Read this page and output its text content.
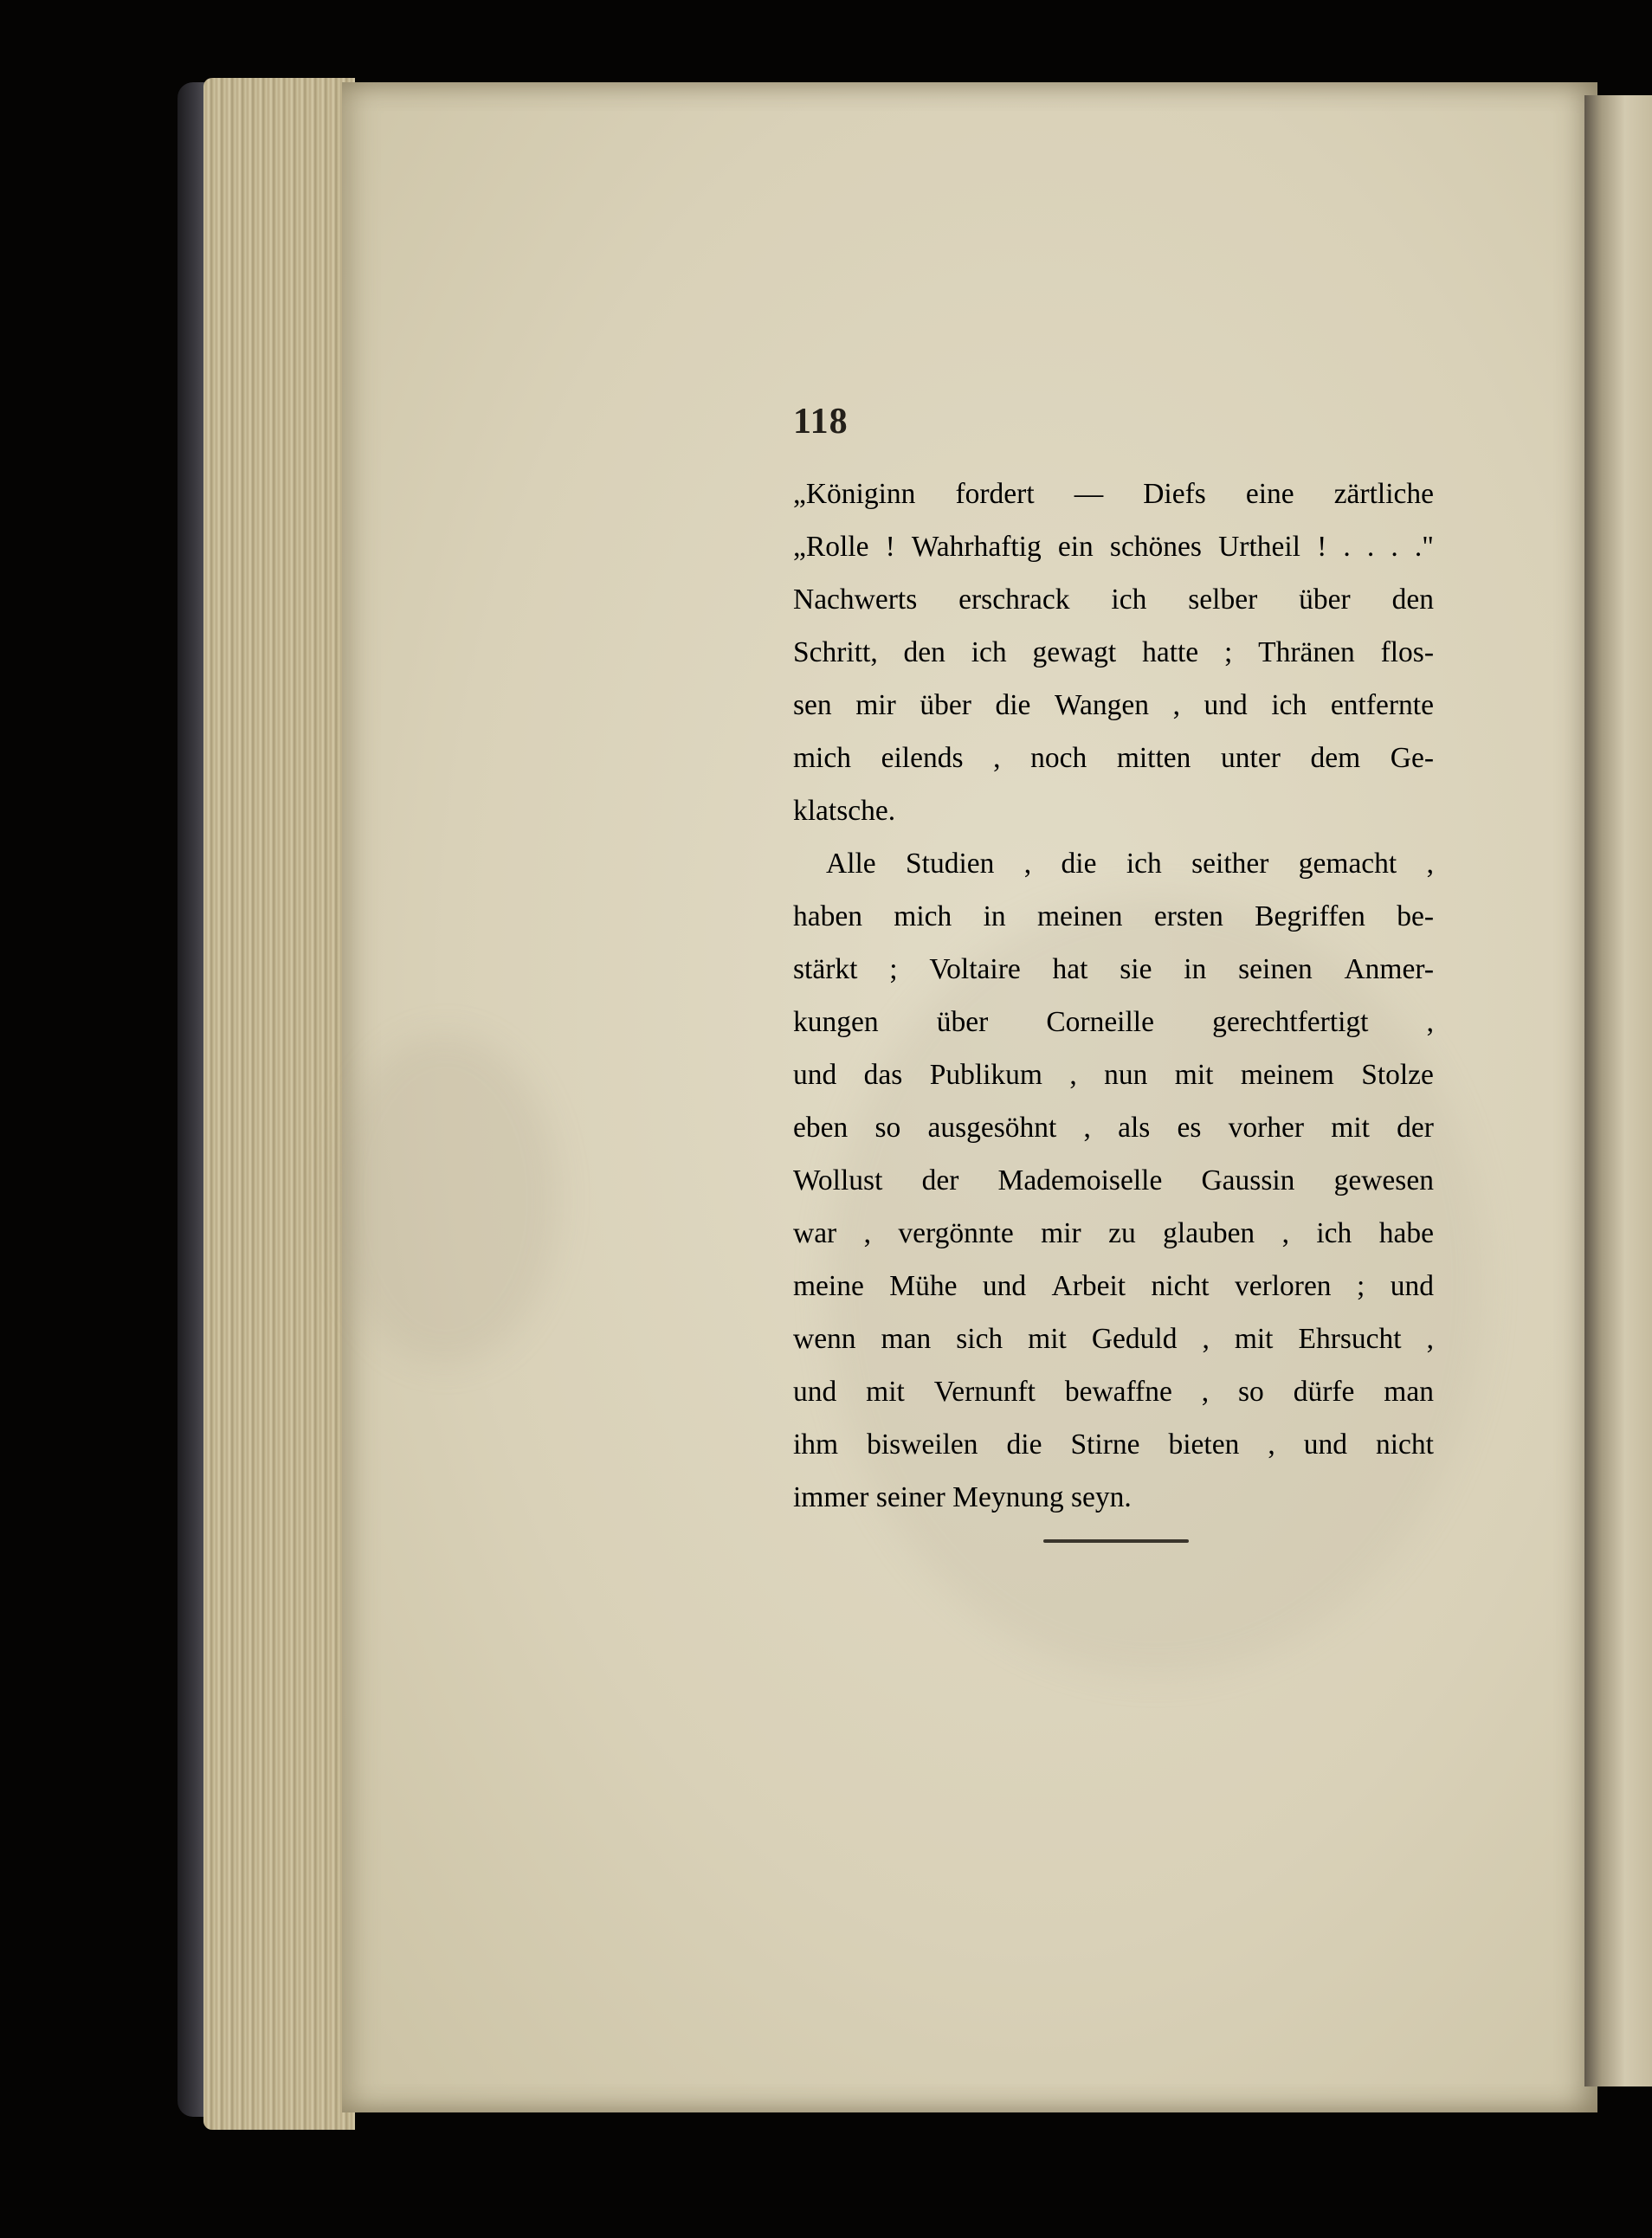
118
„Königinn fordert — Diefs eine zärtliche
„Rolle ! Wahrhaftig ein schönes Urtheil ! . . . ."
Nachwerts erschrack ich selber über den
Schritt, den ich gewagt hatte ; Thränen flos-
sen mir über die Wangen , und ich entfernte
mich eilends , noch mitten unter dem Ge-
klatsche.
Alle Studien , die ich seither gemacht ,
haben mich in meinen ersten Begriffen be-
stärkt ; Voltaire hat sie in seinen Anmer-
kungen über Corneille gerechtfertigt ,
und das Publikum , nun mit meinem Stolze
eben so ausgesöhnt , als es vorher mit der
Wollust der Mademoiselle Gaussin gewesen
war , vergönnte mir zu glauben , ich habe
meine Mühe und Arbeit nicht verloren ; und
wenn man sich mit Geduld , mit Ehrsucht ,
und mit Vernunft bewaffne , so dürfe man
ihm bisweilen die Stirne bieten , und nicht
immer seiner Meynung seyn.
